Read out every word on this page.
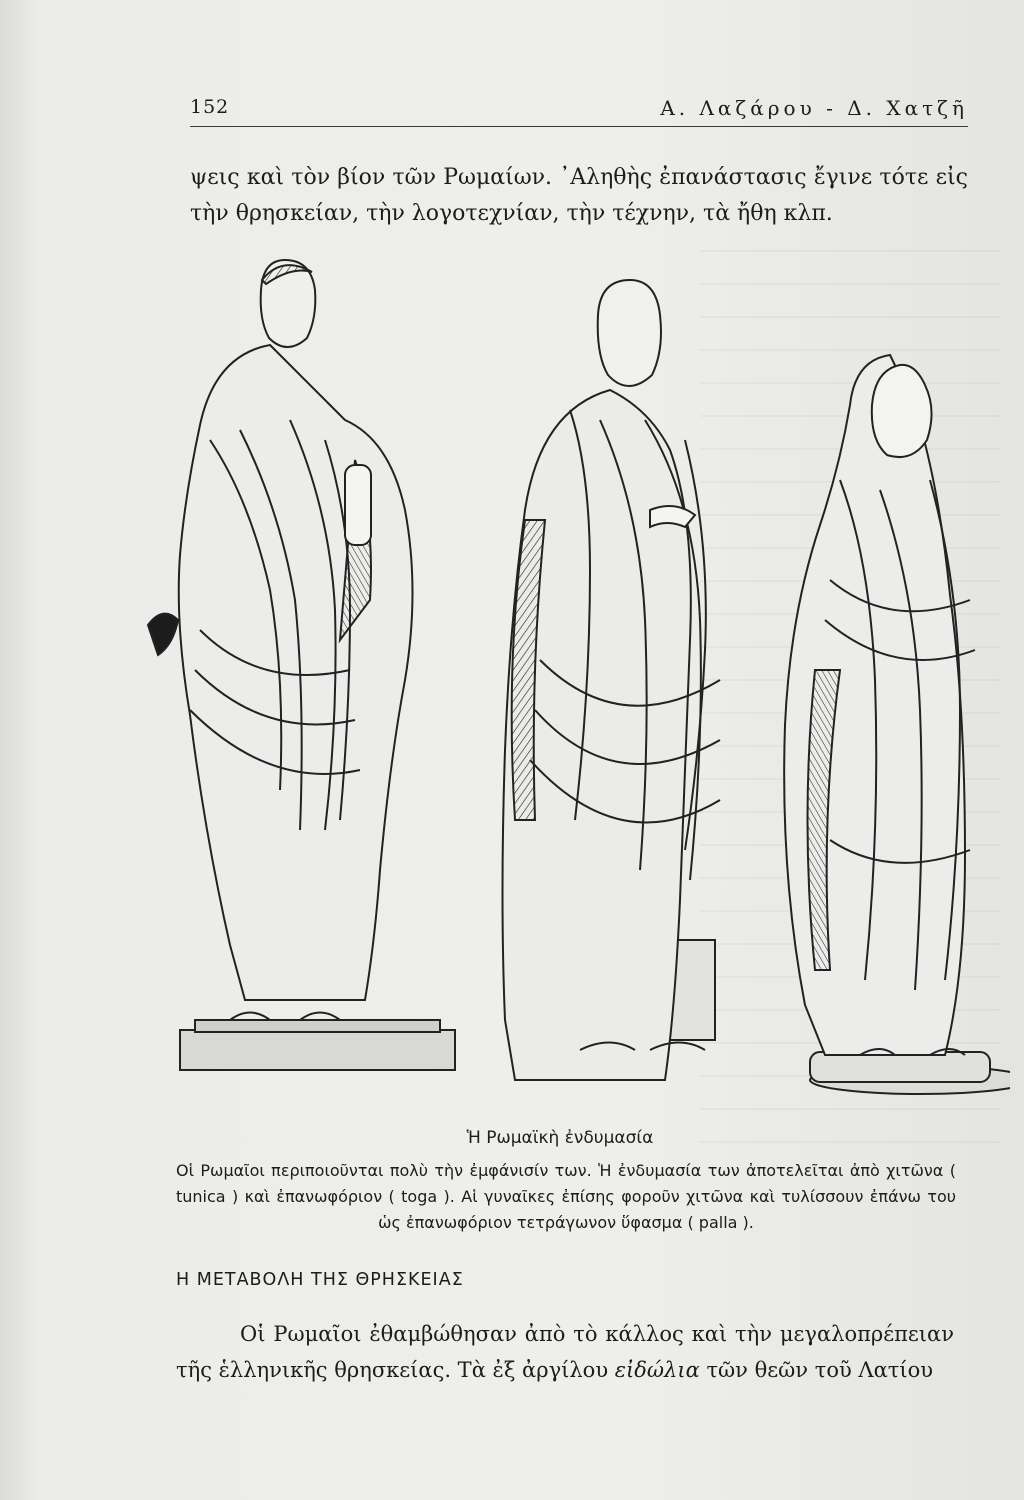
152	Α. Λαζάρου - Δ. Χατζῆ

ψεις καὶ τὸν βίον τῶν Ρωμαίων. ᾿Αληθὴς ἐπανάστασις ἔγινε τότε εἰς τὴν θρησκείαν, τὴν λογοτεχνίαν, τὴν τέχνην, τὰ ἤθη κλπ.

Ἡ Ρωμαϊκὴ ἐνδυμασία

Οἱ Ρωμαῖοι περιποιοῦνται πολὺ τὴν ἐμφάνισίν των. Ἡ ἐνδυμασία των ἀποτελεῖται ἀπὸ χιτῶνα ( tunica ) καὶ ἐπανωφόριον ( toga ). Αἱ γυναῖκες ἐπίσης φοροῦν χιτῶνα καὶ τυλίσσουν ἐπάνω του ὡς ἐπανωφόριον τετράγωνον ὕφασμα ( palla ).

Η ΜΕΤΑΒΟΛΗ ΤΗΣ ΘΡΗΣΚΕΙΑΣ

Οἱ Ρωμαῖοι ἐθαμβώθησαν ἀπὸ τὸ κάλλος καὶ τὴν μεγαλοπρέπειαν τῆς ἑλληνικῆς θρησκείας. Τὰ ἐξ ἀργίλου εἰδώλια τῶν θεῶν τοῦ Λατίου
